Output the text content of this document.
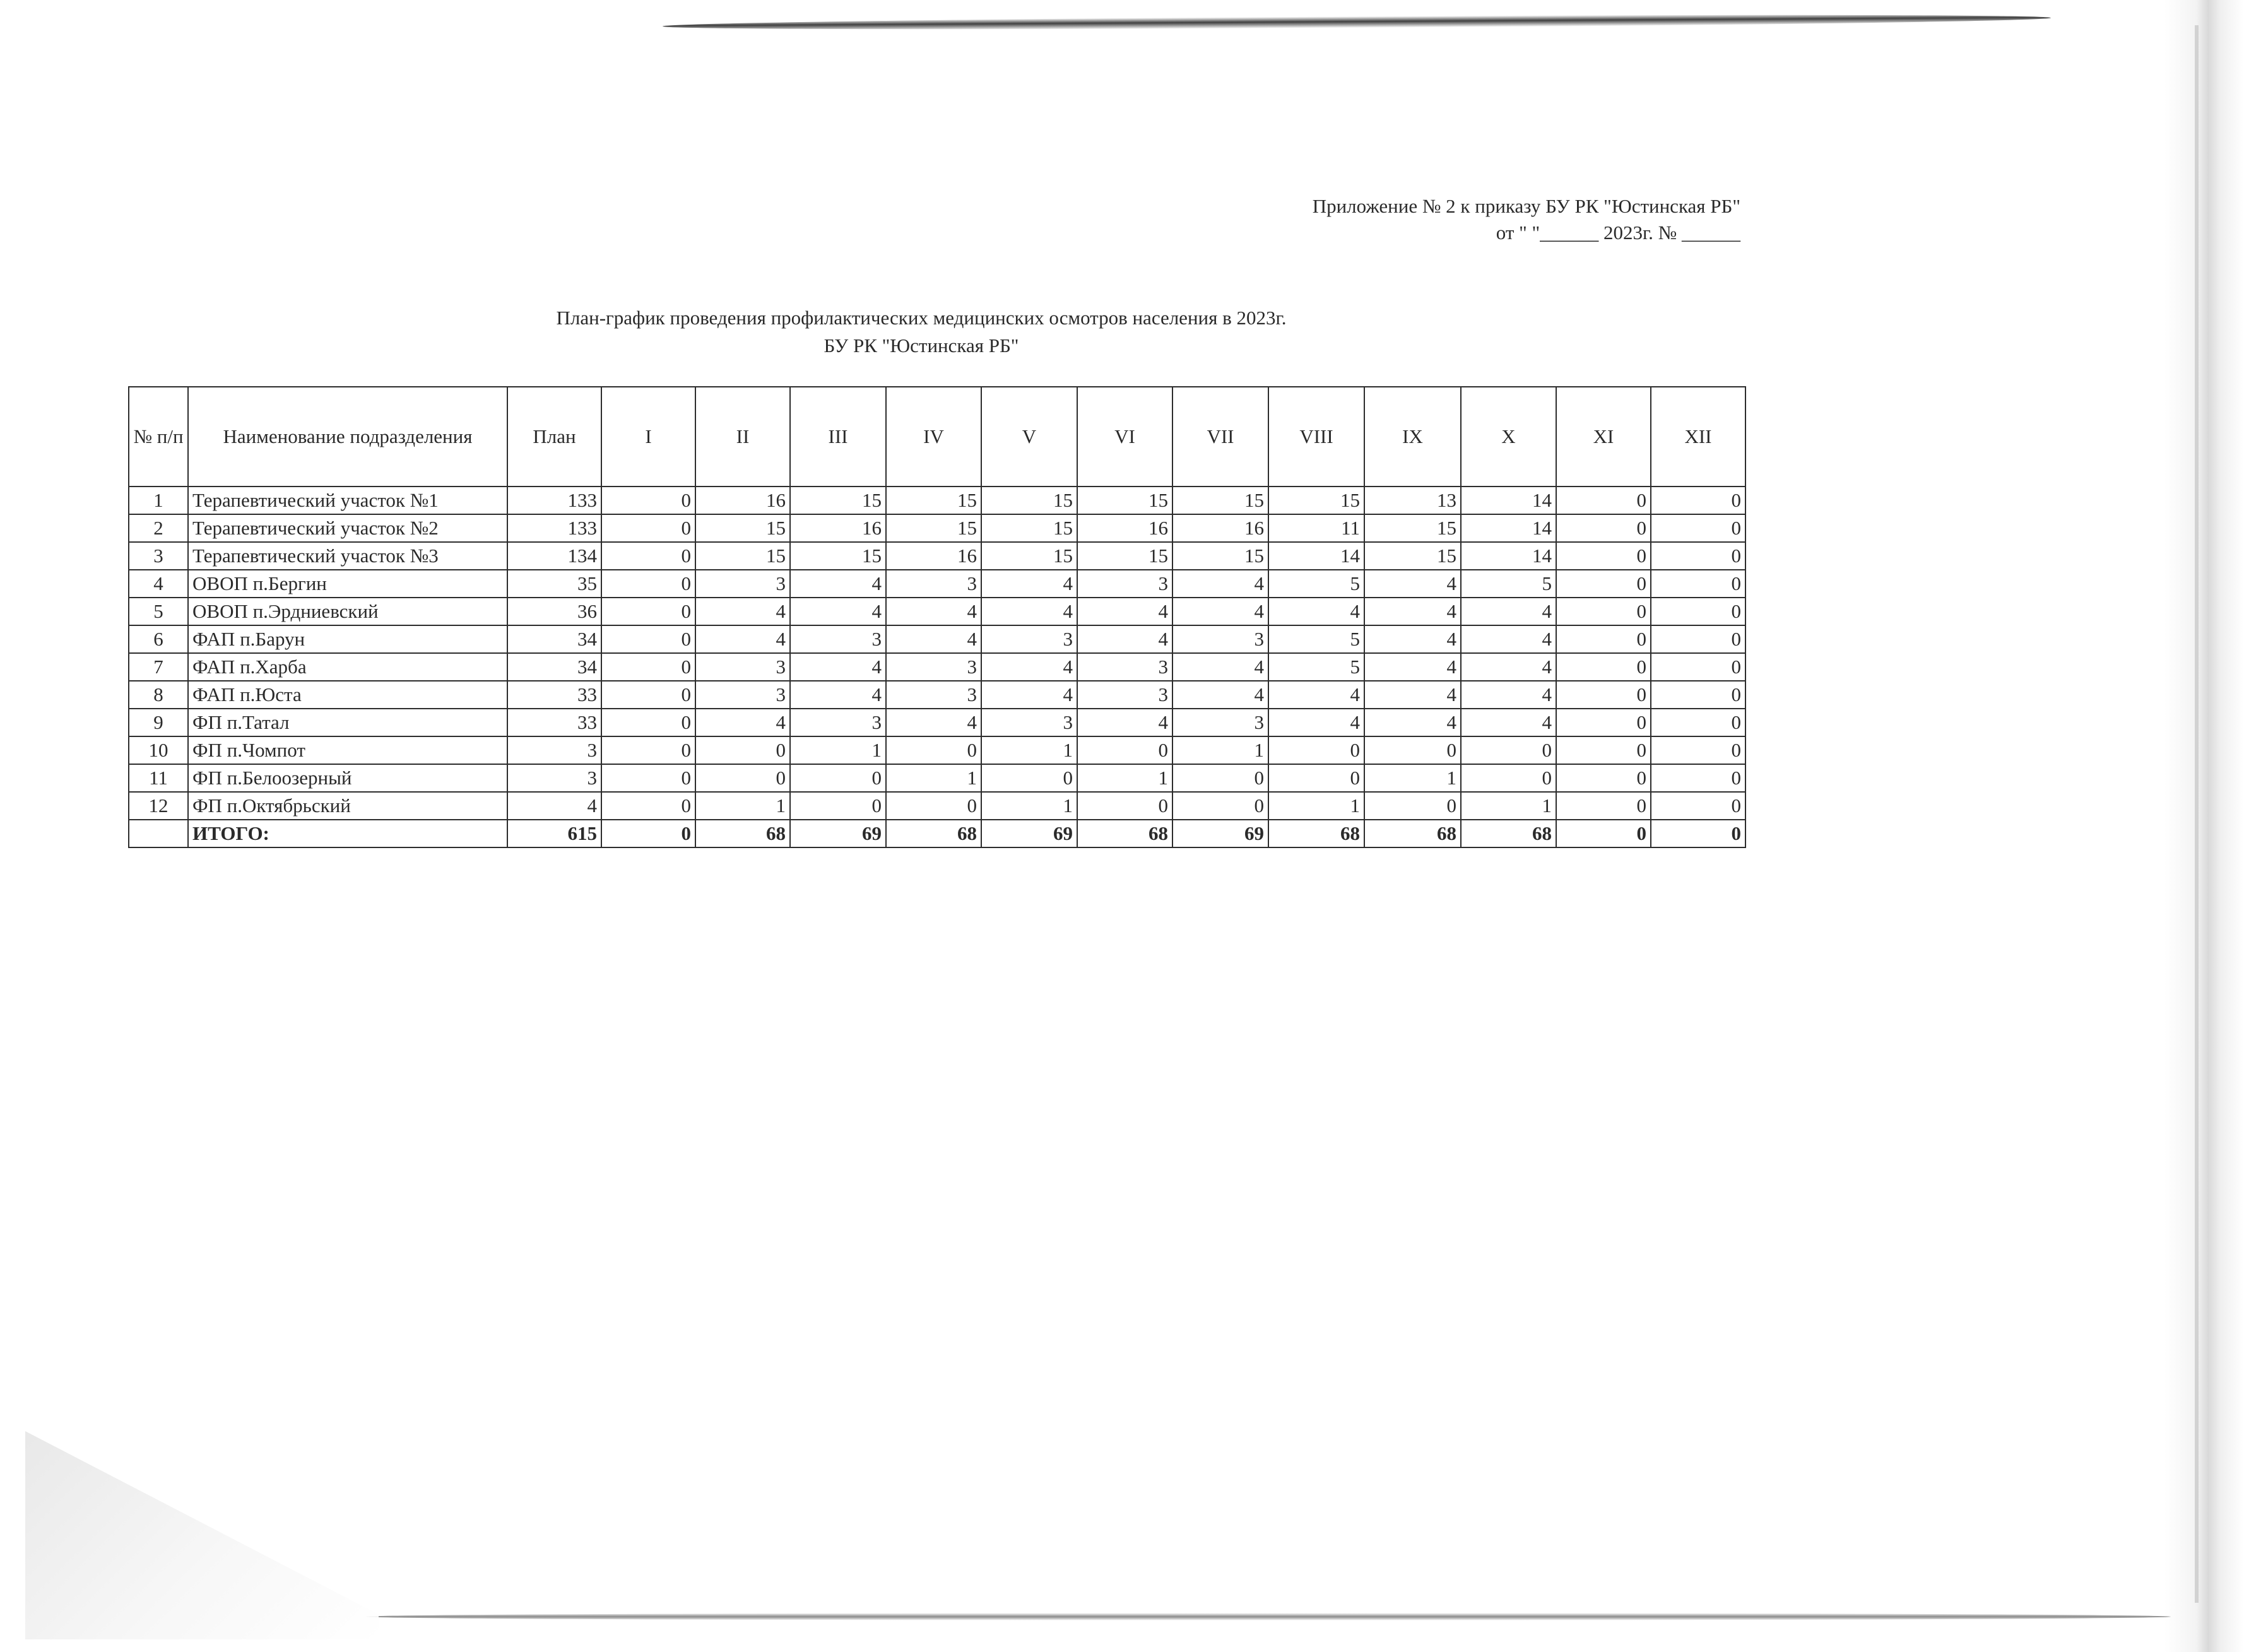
Приложение № 2 к приказу БУ РК "Юстинская РБ"
от " "______ 2023г. № ______
План-график проведения профилактических медицинских осмотров населения в 2023г.
БУ РК "Юстинская РБ"
№ п/п	Наименование подразделения	План	I	II	III	IV	V	VI	VII	VIII	IX	X	XI	XII
1	Терапевтический участок №1	133	0	16	15	15	15	15	15	15	13	14	0	0
2	Терапевтический участок №2	133	0	15	16	15	15	16	16	11	15	14	0	0
3	Терапевтический участок №3	134	0	15	15	16	15	15	15	14	15	14	0	0
4	ОВОП п.Бергин	35	0	3	4	3	4	3	4	5	4	5	0	0
5	ОВОП п.Эрдниевский	36	0	4	4	4	4	4	4	4	4	4	0	0
6	ФАП п.Барун	34	0	4	3	4	3	4	3	5	4	4	0	0
7	ФАП п.Харба	34	0	3	4	3	4	3	4	5	4	4	0	0
8	ФАП п.Юста	33	0	3	4	3	4	3	4	4	4	4	0	0
9	ФП п.Татал	33	0	4	3	4	3	4	3	4	4	4	0	0
10	ФП п.Чомпот	3	0	0	1	0	1	0	1	0	0	0	0	0
11	ФП п.Белоозерный	3	0	0	0	1	0	1	0	0	1	0	0	0
12	ФП п.Октябрьский	4	0	1	0	0	1	0	0	1	0	1	0	0
	ИТОГО:	615	0	68	69	68	69	68	69	68	68	68	0	0
